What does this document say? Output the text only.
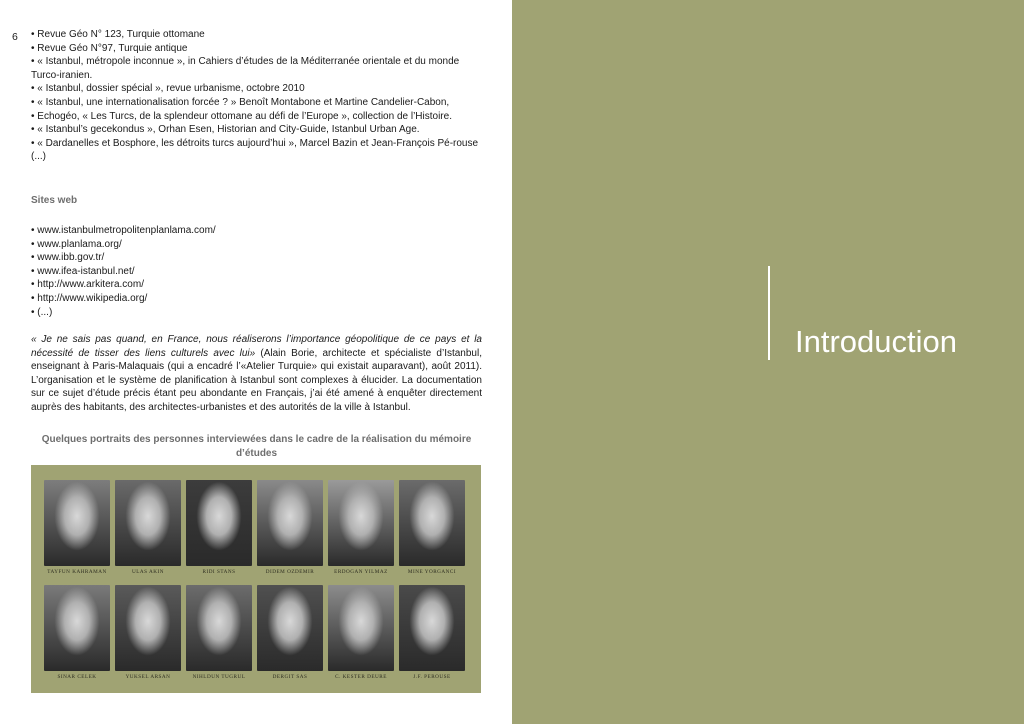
6 • Revue Géo N° 123, Turquie ottomane
• Revue Géo N°97, Turquie antique
• « Istanbul, métropole inconnue », in Cahiers d’études de la Méditerranée orientale et du monde Turco-iranien.
• « Istanbul, dossier spécial », revue urbanisme, octobre 2010
• « Istanbul, une internationalisation forcée ? » Benoît Montabone et Martine Candelier-Cabon,
• Echogéo, « Les Turcs, de la splendeur ottomane au défi de l’Europe », collection de l’Histoire.
• « Istanbul’s gecekondus », Orhan Esen, Historian and City-Guide, Istanbul Urban Age.
• « Dardanelles et Bosphore, les détroits turcs aujourd’hui », Marcel Bazin et Jean-François Pé-rouse
(...)
Sites web
• www.istanbulmetropolitenplanlama.com/
• www.planlama.org/
• www.ibb.gov.tr/
• www.ifea-istanbul.net/
• http://www.arkitera.com/
• http://www.wikipedia.org/
• (...)
« Je ne sais pas quand, en France, nous réaliserons l’importance géopolitique de ce pays et la nécessité de tisser des liens culturels avec lui» (Alain Borie, architecte et spécialiste d’Istanbul, enseignant à Paris-Malaquais (qui a encadré l’«Atelier Turquie» qui existait auparavant), août 2011). L’organisation et le système de planification à Istanbul sont complexes à élucider. La documentation sur ce sujet d’étude précis étant peu abondante en Français, j’ai été amené à enquêter directement auprès des habitants, des architectes-urbanistes et des autorités de la ville à Istanbul.
Quelques portraits des personnes interviewées dans le cadre de la réalisation du mémoire d’études
TAYFUN KAHRAMAN	ULAS AKIN	RIDI STANS	DIDEM OZDEMIR	ERDOGAN YILMAZ	MINE YORGANCI
SINAR CELEK	YUKSEL ARSAN	NIHLDUN TUGRUL	DERGIT SAS	C. KESTER DEURE	J.F. PEROUSE
Introduction
